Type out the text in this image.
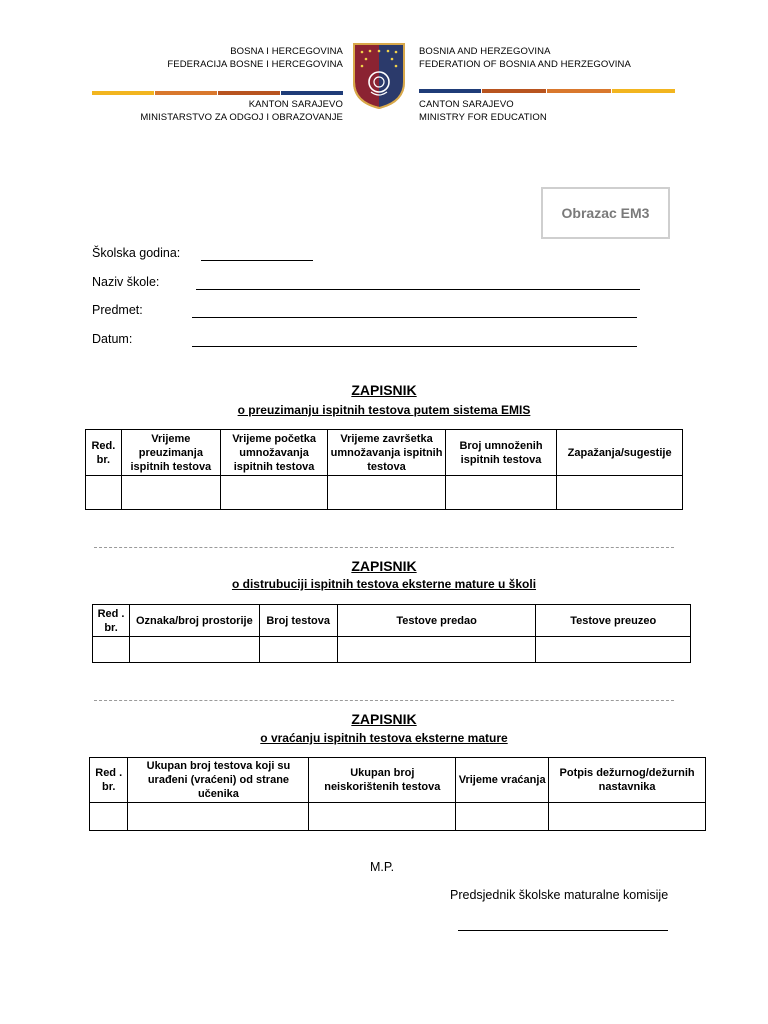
BOSNA I HERCEGOVINA
FEDERACIJA BOSNE I HERCEGOVINA
BOSNIA AND HERZEGOVINA
FEDERATION OF BOSNIA AND HERZEGOVINA
KANTON SARAJEVO
MINISTARSTVO ZA ODGOJ I OBRAZOVANJE
CANTON SARAJEVO
MINISTRY FOR EDUCATION
Obrazac EM3
Školska godina:
Naziv škole:
Predmet:
Datum:
ZAPISNIK
o preuzimanju ispitnih testova putem sistema EMIS
Red. br.	Vrijeme preuzimanja ispitnih testova	Vrijeme početka umnožavanja ispitnih testova	Vrijeme završetka umnožavanja ispitnih testova	Broj umnoženih ispitnih testova	Zapažanja/sugestije

ZAPISNIK
o distrubuciji ispitnih testova eksterne mature u školi
Red . br.	Oznaka/broj prostorije	Broj testova	Testove predao	Testove preuzeo

ZAPISNIK
o vraćanju ispitnih testova eksterne mature
Red . br.	Ukupan broj testova koji su urađeni (vraćeni) od strane učenika	Ukupan broj neiskorištenih testova	Vrijeme vraćanja	Potpis dežurnog/dežurnih nastavnika

M.P.
Predsjednik školske maturalne komisije
